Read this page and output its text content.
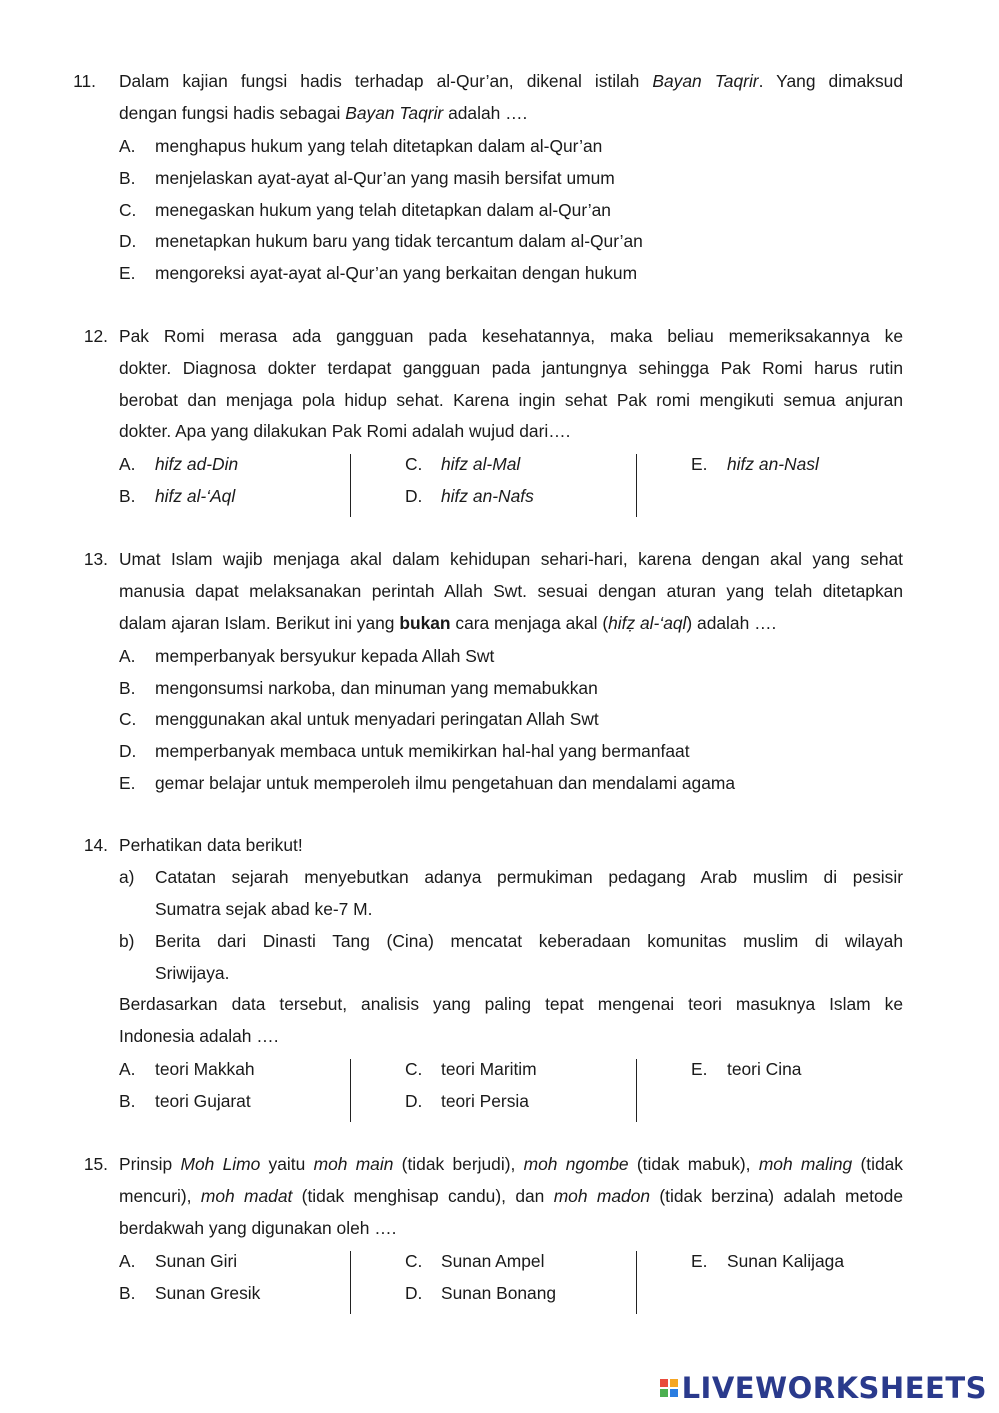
11. Dalam kajian fungsi hadis terhadap al-Qur’an, dikenal istilah Bayan Taqrir. Yang dimaksud
dengan fungsi hadis sebagai Bayan Taqrir adalah ….
A. menghapus hukum yang telah ditetapkan dalam al-Qur’an
B. menjelaskan ayat-ayat al-Qur’an yang masih bersifat umum
C. menegaskan hukum yang telah ditetapkan dalam al-Qur’an
D. menetapkan hukum baru yang tidak tercantum dalam al-Qur’an
E. mengoreksi ayat-ayat al-Qur’an yang berkaitan dengan hukum
12. Pak Romi merasa ada gangguan pada kesehatannya, maka beliau memeriksakannya ke
dokter. Diagnosa dokter terdapat gangguan pada jantungnya sehingga Pak Romi harus rutin
berobat dan menjaga pola hidup sehat. Karena ingin sehat Pak romi mengikuti semua anjuran
dokter. Apa yang dilakukan Pak Romi adalah wujud dari….
A. hifz ad-Din
B. hifz al-‘Aql
C. hifz al-Mal
D. hifz an-Nafs
E. hifz an-Nasl
13. Umat Islam wajib menjaga akal dalam kehidupan sehari-hari, karena dengan akal yang sehat
manusia dapat melaksanakan perintah Allah Swt. sesuai dengan aturan yang telah ditetapkan
dalam ajaran Islam. Berikut ini yang bukan cara menjaga akal (hifẓ al-‘aql) adalah ….
A. memperbanyak bersyukur kepada Allah Swt
B. mengonsumsi narkoba, dan minuman yang memabukkan
C. menggunakan akal untuk menyadari peringatan Allah Swt
D. memperbanyak membaca untuk memikirkan hal-hal yang bermanfaat
E. gemar belajar untuk memperoleh ilmu pengetahuan dan mendalami agama
14. Perhatikan data berikut!
a) Catatan sejarah menyebutkan adanya permukiman pedagang Arab muslim di pesisir
Sumatra sejak abad ke-7 M.
b) Berita dari Dinasti Tang (Cina) mencatat keberadaan komunitas muslim di wilayah
Sriwijaya.
Berdasarkan data tersebut, analisis yang paling tepat mengenai teori masuknya Islam ke
Indonesia adalah ….
A. teori Makkah
B. teori Gujarat
C. teori Maritim
D. teori Persia
E. teori Cina
15. Prinsip Moh Limo yaitu moh main (tidak berjudi), moh ngombe (tidak mabuk), moh maling (tidak
mencuri), moh madat (tidak menghisap candu), dan moh madon (tidak berzina) adalah metode
berdakwah yang digunakan oleh ….
A. Sunan Giri
B. Sunan Gresik
C. Sunan Ampel
D. Sunan Bonang
E. Sunan Kalijaga
LIVEWORKSHEETS
